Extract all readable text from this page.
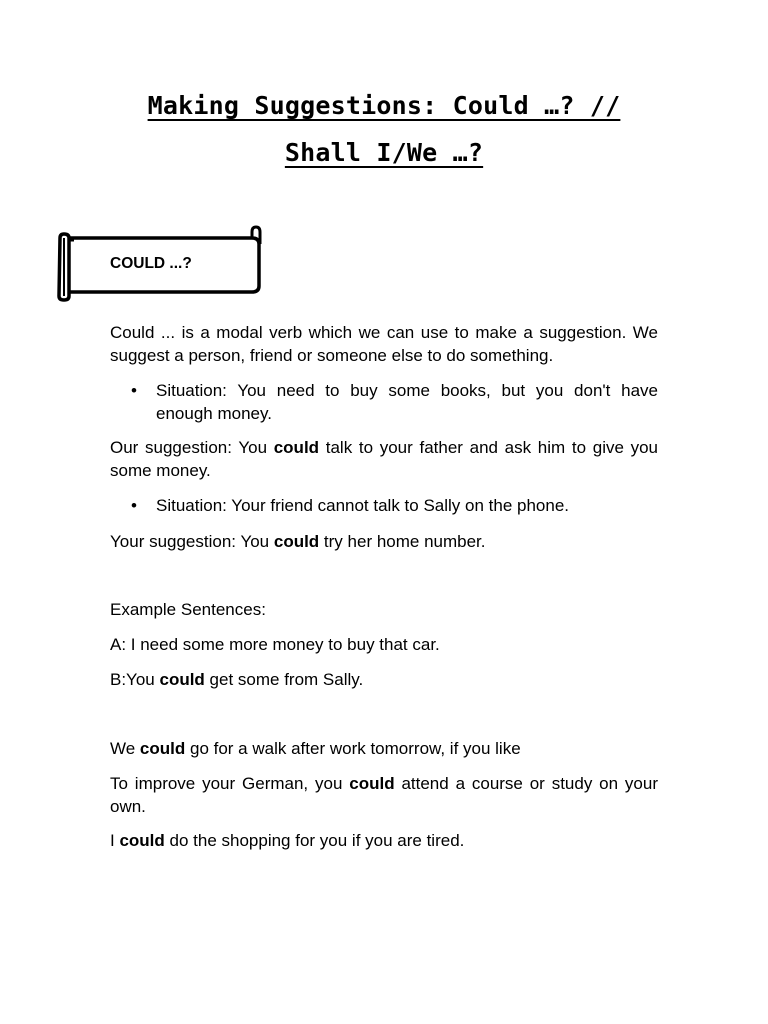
Making Suggestions: Could …? //
Shall I/We …?

COULD ...?

Could ... is a modal verb which we can use to make a suggestion. We suggest a person, friend or someone else to do something.

• Situation: You need to buy some books, but you don't have enough money.

Our suggestion: You could talk to your father and ask him to give you some money.

• Situation: Your friend cannot talk to Sally on the phone.

Your suggestion: You could try her home number.

Example Sentences:

A: I need some more money to buy that car.

B:You could get some from Sally.

We could go for a walk after work tomorrow, if you like

To improve your German, you could attend a course or study on your own.

I could do the shopping for you if you are tired.
